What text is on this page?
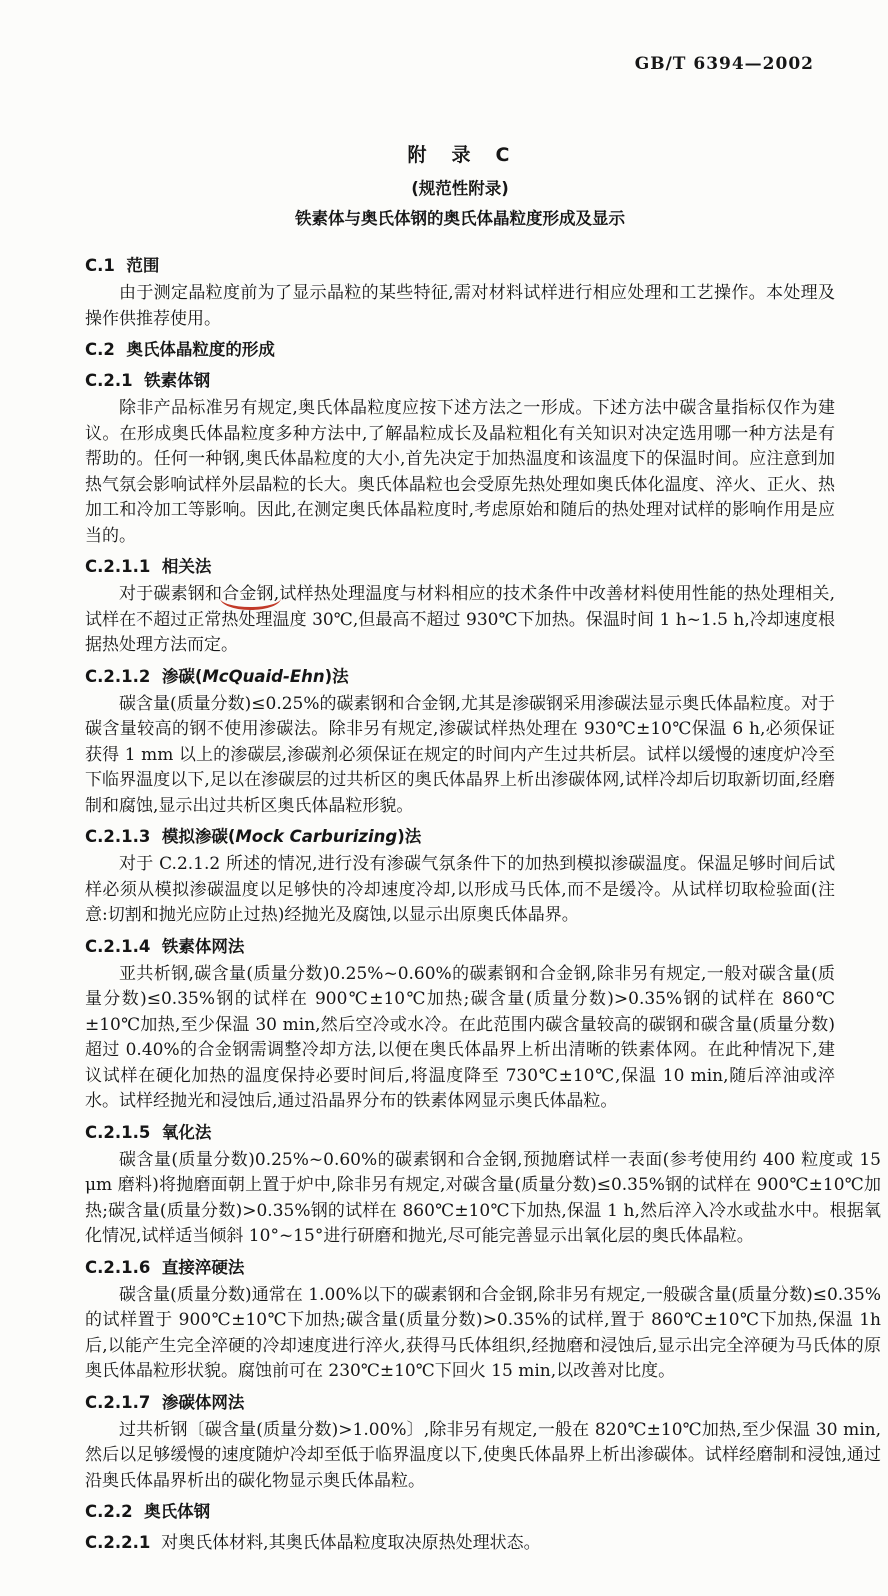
GB/T 6394—2002
附　录　C
(规范性附录)
铁素体与奥氏体钢的奥氏体晶粒度形成及显示
C.1  范围

由于测定晶粒度前为了显示晶粒的某些特征,需对材料试样进行相应处理和工艺操作。本处理及操作供推荐使用。

C.2  奥氏体晶粒度的形成
C.2.1  铁素体钢

除非产品标准另有规定,奥氏体晶粒度应按下述方法之一形成。下述方法中碳含量指标仅作为建议。在形成奥氏体晶粒度多种方法中,了解晶粒成长及晶粒粗化有关知识对决定选用哪一种方法是有帮助的。任何一种钢,奥氏体晶粒度的大小,首先决定于加热温度和该温度下的保温时间。应注意到加热气氛会影响试样外层晶粒的长大。奥氏体晶粒也会受原先热处理如奥氏体化温度、淬火、正火、热加工和冷加工等影响。因此,在测定奥氏体晶粒度时,考虑原始和随后的热处理对试样的影响作用是应当的。

C.2.1.1  相关法

对于碳素钢和合金钢,试样热处理温度与材料相应的技术条件中改善材料使用性能的热处理相关,试样在不超过正常热处理温度 30℃,但最高不超过 930℃下加热。保温时间 1 h~1.5 h,冷却速度根据热处理方法而定。

C.2.1.2  渗碳(McQuaid-Ehn)法

碳含量(质量分数)≤0.25%的碳素钢和合金钢,尤其是渗碳钢采用渗碳法显示奥氏体晶粒度。对于碳含量较高的钢不使用渗碳法。除非另有规定,渗碳试样热处理在 930℃±10℃保温 6 h,必须保证获得 1 mm 以上的渗碳层,渗碳剂必须保证在规定的时间内产生过共析层。试样以缓慢的速度炉冷至下临界温度以下,足以在渗碳层的过共析区的奥氏体晶界上析出渗碳体网,试样冷却后切取新切面,经磨制和腐蚀,显示出过共析区奥氏体晶粒形貌。

C.2.1.3  模拟渗碳(Mock Carburizing)法

对于 C.2.1.2 所述的情况,进行没有渗碳气氛条件下的加热到模拟渗碳温度。保温足够时间后试样必须从模拟渗碳温度以足够快的冷却速度冷却,以形成马氏体,而不是缓冷。从试样切取检验面(注意:切割和抛光应防止过热)经抛光及腐蚀,以显示出原奥氏体晶界。

C.2.1.4  铁素体网法

亚共析钢,碳含量(质量分数)0.25%~0.60%的碳素钢和合金钢,除非另有规定,一般对碳含量(质量分数)≤0.35%钢的试样在 900℃±10℃加热;碳含量(质量分数)>0.35%钢的试样在 860℃±10℃加热,至少保温 30 min,然后空冷或水冷。在此范围内碳含量较高的碳钢和碳含量(质量分数)超过 0.40%的合金钢需调整冷却方法,以便在奥氏体晶界上析出清晰的铁素体网。在此种情况下,建议试样在硬化加热的温度保持必要时间后,将温度降至 730℃±10℃,保温 10 min,随后淬油或淬水。试样经抛光和浸蚀后,通过沿晶界分布的铁素体网显示奥氏体晶粒。

C.2.1.5  氧化法

碳含量(质量分数)0.25%~0.60%的碳素钢和合金钢,预抛磨试样一表面(参考使用约 400 粒度或 15 μm 磨料)将抛磨面朝上置于炉中,除非另有规定,对碳含量(质量分数)≤0.35%钢的试样在 900℃±10℃加热;碳含量(质量分数)>0.35%钢的试样在 860℃±10℃下加热,保温 1 h,然后淬入冷水或盐水中。根据氧化情况,试样适当倾斜 10°~15°进行研磨和抛光,尽可能完善显示出氧化层的奥氏体晶粒。

C.2.1.6  直接淬硬法

碳含量(质量分数)通常在 1.00%以下的碳素钢和合金钢,除非另有规定,一般碳含量(质量分数)≤0.35%的试样置于 900℃±10℃下加热;碳含量(质量分数)>0.35%的试样,置于 860℃±10℃下加热,保温 1h 后,以能产生完全淬硬的冷却速度进行淬火,获得马氏体组织,经抛磨和浸蚀后,显示出完全淬硬为马氏体的原奥氏体晶粒形状貌。腐蚀前可在 230℃±10℃下回火 15 min,以改善对比度。

C.2.1.7  渗碳体网法

过共析钢〔碳含量(质量分数)>1.00%〕,除非另有规定,一般在 820℃±10℃加热,至少保温 30 min,然后以足够缓慢的速度随炉冷却至低于临界温度以下,使奥氏体晶界上析出渗碳体。试样经磨制和浸蚀,通过沿奥氏体晶界析出的碳化物显示奥氏体晶粒。

C.2.2  奥氏体钢
C.2.2.1  对奥氏体材料,其奥氏体晶粒度取决原热处理状态。
